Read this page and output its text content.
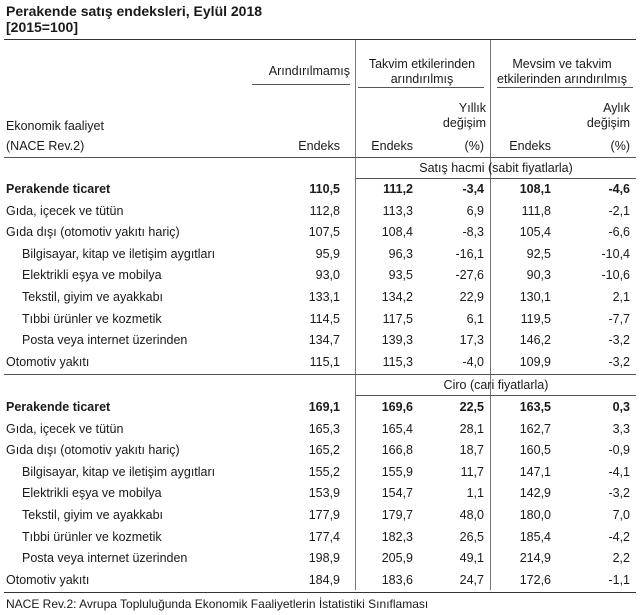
Perakende satış endeksleri, Eylül 2018
[2015=100]
Arındırılmamış	Takvim etkilerinden arındırılmış
Mevsim ve takvim etkilerinden arındırılmış
Yıllık değişim
Aylık değişim
Ekonomik faaliyet
(NACE Rev.2)	Endeks	Endeks	(%)	Endeks	(%)
Satış hacmi (sabit fiyatlarla)
Perakende ticaret	110,5	111,2	-3,4	108,1	-4,6
Gıda, içecek ve tütün	112,8	113,3	6,9	111,8	-2,1
Gıda dışı (otomotiv yakıtı hariç)	107,5	108,4	-8,3	105,4	-6,6
Bilgisayar, kitap ve iletişim aygıtları	95,9	96,3	-16,1	92,5	-10,4
Elektrikli eşya ve mobilya	93,0	93,5	-27,6	90,3	-10,6
Tekstil, giyim ve ayakkabı	133,1	134,2	22,9	130,1	2,1
Tıbbi ürünler ve kozmetik	114,5	117,5	6,1	119,5	-7,7
Posta veya internet üzerinden	134,7	139,3	17,3	146,2	-3,2
Otomotiv yakıtı	115,1	115,3	-4,0	109,9	-3,2
Ciro (cari fiyatlarla)
Perakende ticaret	169,1	169,6	22,5	163,5	0,3
Gıda, içecek ve tütün	165,3	165,4	28,1	162,7	3,3
Gıda dışı (otomotiv yakıtı hariç)	165,2	166,8	18,7	160,5	-0,9
Bilgisayar, kitap ve iletişim aygıtları	155,2	155,9	11,7	147,1	-4,1
Elektrikli eşya ve mobilya	153,9	154,7	1,1	142,9	-3,2
Tekstil, giyim ve ayakkabı	177,9	179,7	48,0	180,0	7,0
Tıbbi ürünler ve kozmetik	177,4	182,3	26,5	185,4	-4,2
Posta veya internet üzerinden	198,9	205,9	49,1	214,9	2,2
Otomotiv yakıtı	184,9	183,6	24,7	172,6	-1,1
NACE Rev.2: Avrupa Topluluğunda Ekonomik Faaliyetlerin İstatistiki Sınıflaması
